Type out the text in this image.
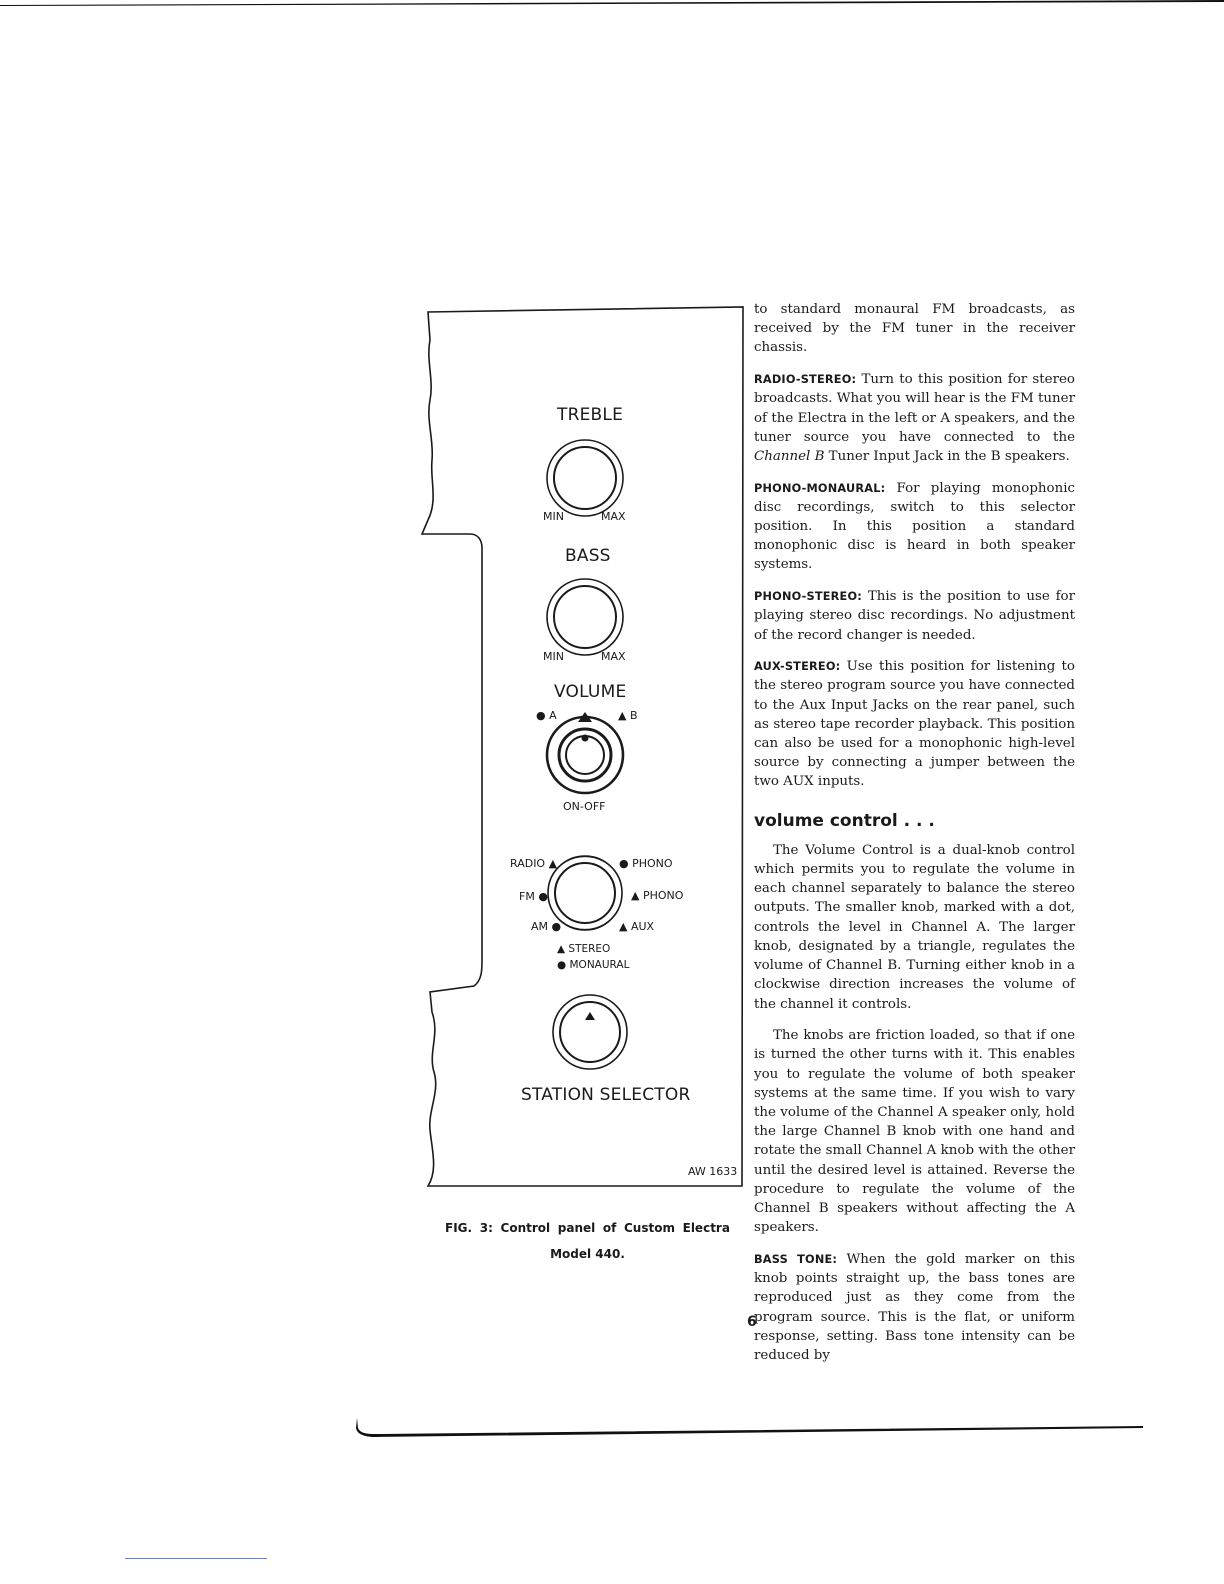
TREBLE
MIN	MAX
BASS
MIN	MAX
VOLUME
● A	▲ B
ON-OFF
RADIO ▲
FM ●
AM ●
● PHONO
▲ PHONO
▲ AUX
▲ STEREO
● MONAURAL
STATION SELECTOR
AW 1633
FIG. 3: Control panel of Custom Electra
Model 440.

to standard monaural FM broadcasts, as received by the FM tuner in the receiver chassis.

RADIO-STEREO: Turn to this position for stereo broadcasts. What you will hear is the FM tuner of the Electra in the left or A speakers, and the tuner source you have connected to the Channel B Tuner Input Jack in the B speakers.

PHONO-MONAURAL: For playing monophonic disc recordings, switch to this selector position. In this position a standard monophonic disc is heard in both speaker systems.

PHONO-STEREO: This is the position to use for playing stereo disc recordings. No adjustment of the record changer is needed.

AUX-STEREO: Use this position for listening to the stereo program source you have connected to the Aux Input Jacks on the rear panel, such as stereo tape recorder playback. This position can also be used for a monophonic high-level source by connecting a jumper between the two AUX inputs.

volume control . . .

The Volume Control is a dual-knob control which permits you to regulate the volume in each channel separately to balance the stereo outputs. The smaller knob, marked with a dot, controls the level in Channel A. The larger knob, designated by a triangle, regulates the volume of Channel B. Turning either knob in a clockwise direction increases the volume of the channel it controls.

The knobs are friction loaded, so that if one is turned the other turns with it. This enables you to regulate the volume of both speaker systems at the same time. If you wish to vary the volume of the Channel A speaker only, hold the large Channel B knob with one hand and rotate the small Channel A knob with the other until the desired level is attained. Reverse the procedure to regulate the volume of the Channel B speakers without affecting the A speakers.

BASS TONE: When the gold marker on this knob points straight up, the bass tones are reproduced just as they come from the program source. This is the flat, or uniform response, setting. Bass tone intensity can be reduced by

6
